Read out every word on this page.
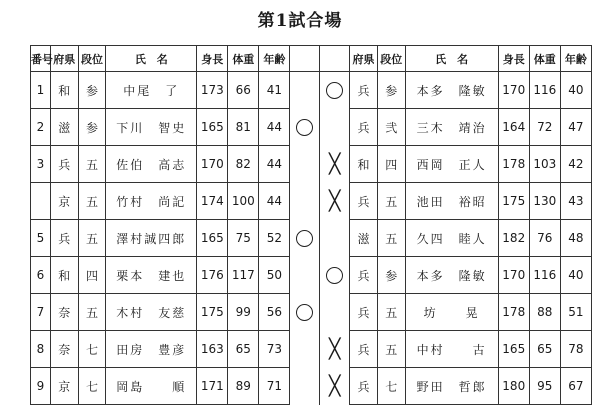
第1試合場
番号	府県	段位	氏　名	身長	体重	年齢			府県	段位	氏　名	身長	体重	年齢
1	和	参	中尾　了	173	66	41			兵	参	本多　隆敏	170	116	40
2	滋	参	下川　智史	165	81	44			兵	弐	三木　靖治	164	72	47
3	兵	五	佐伯　高志	170	82	44		╳	和	四	西岡　正人	178	103	42
	京	五	竹村　尚記	174	100	44		╳	兵	五	池田　裕昭	175	130	43
5	兵	五	澤村誠四郎	165	75	52			滋	五	久四　睦人	182	76	48
6	和	四	栗本　建也	176	117	50			兵	参	本多　隆敏	170	116	40
7	奈	五	木村　友慈	175	99	56			兵	五	坊　　晃	178	88	51
8	奈	七	田房　豊彦	163	65	73		╳	兵	五	中村　　古	165	65	78
9	京	七	岡島　　順	171	89	71		╳	兵	七	野田　哲郎	180	95	67
